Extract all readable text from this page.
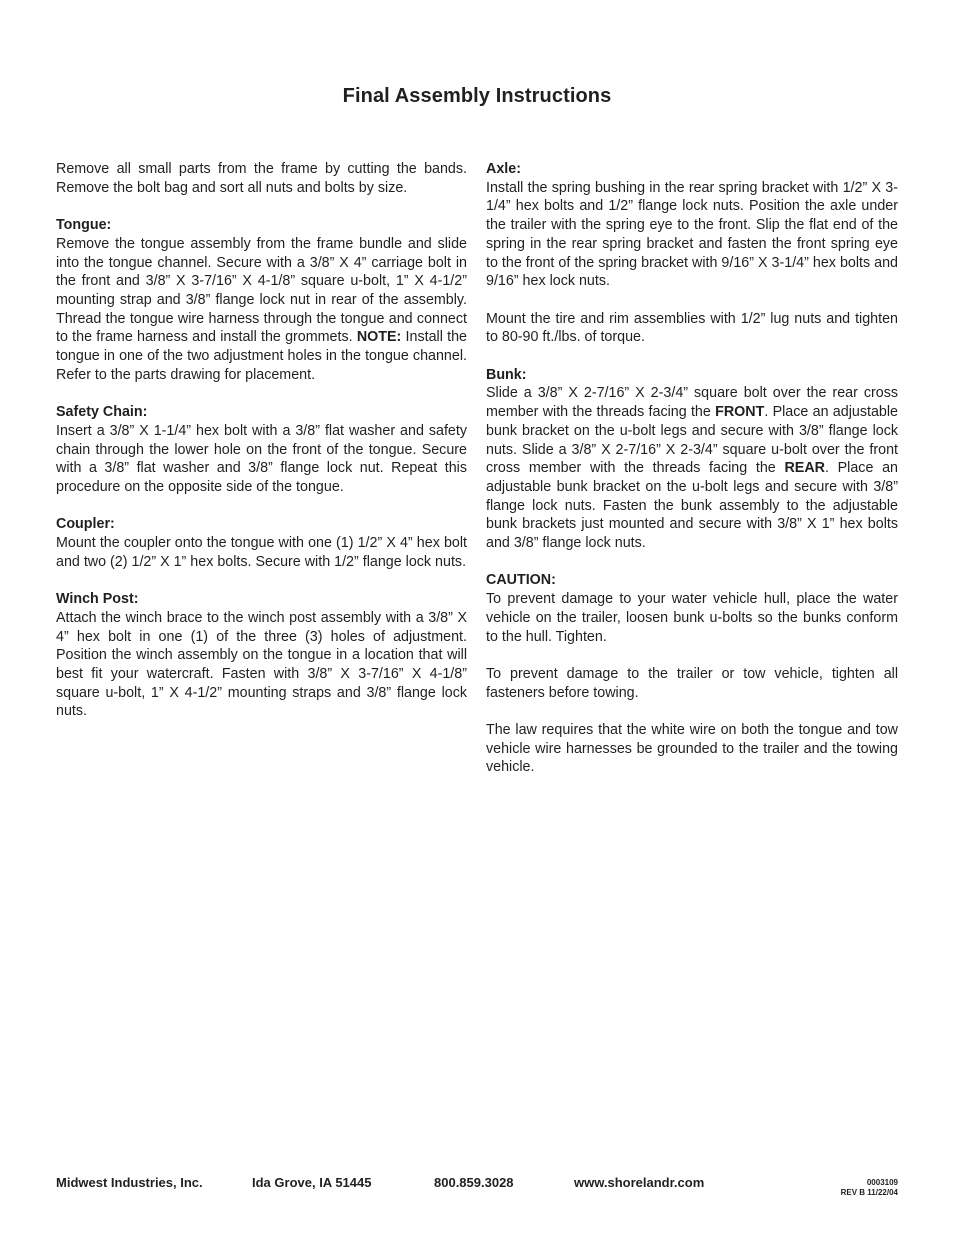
Final Assembly Instructions

Remove all small parts from the frame by cutting the bands. Remove the bolt bag and sort all nuts and bolts by size.

Tongue:

Remove the tongue assembly from the frame bundle and slide into the tongue channel. Secure with a 3/8” X 4” carriage bolt in the front and 3/8” X 3-7/16” X 4-1/8” square u-bolt, 1” X 4-1/2” mounting strap and 3/8” flange lock nut in rear of the assembly. Thread the tongue wire harness through the tongue and connect to the frame harness and install the grommets. NOTE: Install the tongue in one of the two adjustment holes in the tongue channel. Refer to the parts drawing for placement.

Safety Chain:

Insert a 3/8” X 1-1/4” hex bolt with a 3/8” flat washer and safety chain through the lower hole on the front of the tongue. Secure with a 3/8” flat washer and 3/8” flange lock nut. Repeat this procedure on the opposite side of the tongue.

Coupler:

Mount the coupler onto the tongue with one (1) 1/2” X 4” hex bolt and two (2) 1/2” X 1” hex bolts. Secure with 1/2” flange lock nuts.

Winch Post:

Attach the winch brace to the winch post assembly with a 3/8” X 4” hex bolt in one (1) of the three (3) holes of adjustment. Position the winch assembly on the tongue in a location that will best fit your watercraft. Fasten with 3/8” X 3-7/16” X 4-1/8” square u-bolt, 1” X 4-1/2” mounting straps and 3/8” flange lock nuts.

Axle:

Install the spring bushing in the rear spring bracket with 1/2” X 3-1/4” hex bolts and 1/2” flange lock nuts. Position the axle under the trailer with the spring eye to the front. Slip the flat end of the spring in the rear spring bracket and fasten the front spring eye to the front of the spring bracket with 9/16” X 3-1/4” hex bolts and 9/16” hex lock nuts.

Mount the tire and rim assemblies with 1/2” lug nuts and tighten to 80-90 ft./lbs. of torque.

Bunk:

Slide a 3/8” X 2-7/16” X 2-3/4” square bolt over the rear cross member with the threads facing the FRONT. Place an adjustable bunk bracket on the u-bolt legs and secure with 3/8” flange lock nuts. Slide a 3/8” X 2-7/16” X 2-3/4” square u-bolt over the front cross member with the threads facing the REAR. Place an adjustable bunk bracket on the u-bolt legs and secure with 3/8” flange lock nuts. Fasten the bunk assembly to the adjustable bunk brackets just mounted and secure with 3/8” X 1” hex bolts and 3/8” flange lock nuts.

CAUTION:

To prevent damage to your water vehicle hull, place the water vehicle on the trailer, loosen bunk u-bolts so the bunks conform to the hull. Tighten.

To prevent damage to the trailer or tow vehicle, tighten all fasteners before towing.

The law requires that the white wire on both the tongue and tow vehicle wire harnesses be grounded to the trailer and the towing vehicle.

Midwest Industries, Inc.	Ida Grove, IA 51445	800.859.3028	www.shorelandr.com	0003109
REV B 11/22/04
